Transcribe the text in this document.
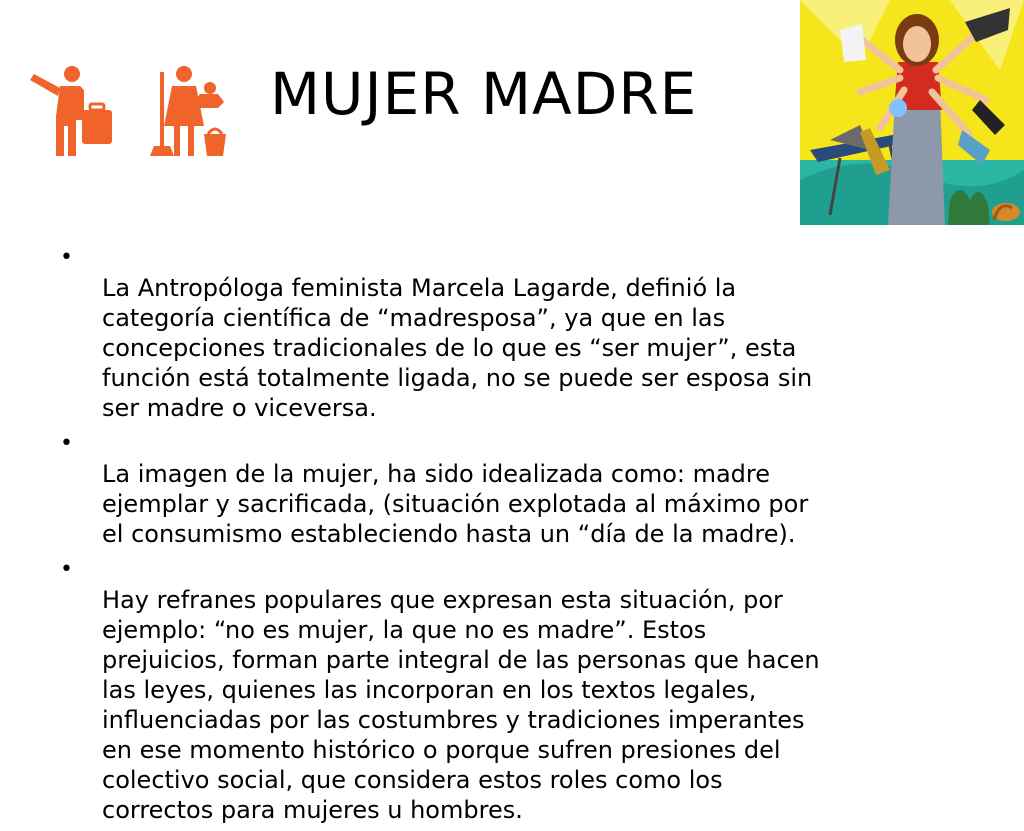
MUJER MADRE

•
La Antropóloga feminista Marcela Lagarde, definió la
categoría científica de “madresposa”, ya que en las
concepciones tradicionales de lo que es “ser mujer”, esta
función está totalmente ligada, no se puede ser esposa sin
ser madre o viceversa.

•
La imagen de la mujer, ha sido idealizada como: madre
ejemplar y sacrificada, (situación explotada al máximo por
el consumismo estableciendo hasta un “día de la madre).

•
Hay refranes populares que expresan esta situación, por
ejemplo: “no es mujer, la que no es madre”. Estos
prejuicios, forman parte integral de las personas que hacen
las leyes, quienes las incorporan en los textos legales,
influenciadas por las costumbres y tradiciones imperantes
en ese momento histórico o porque sufren presiones del
colectivo social, que considera estos roles como los
correctos para mujeres u hombres.
